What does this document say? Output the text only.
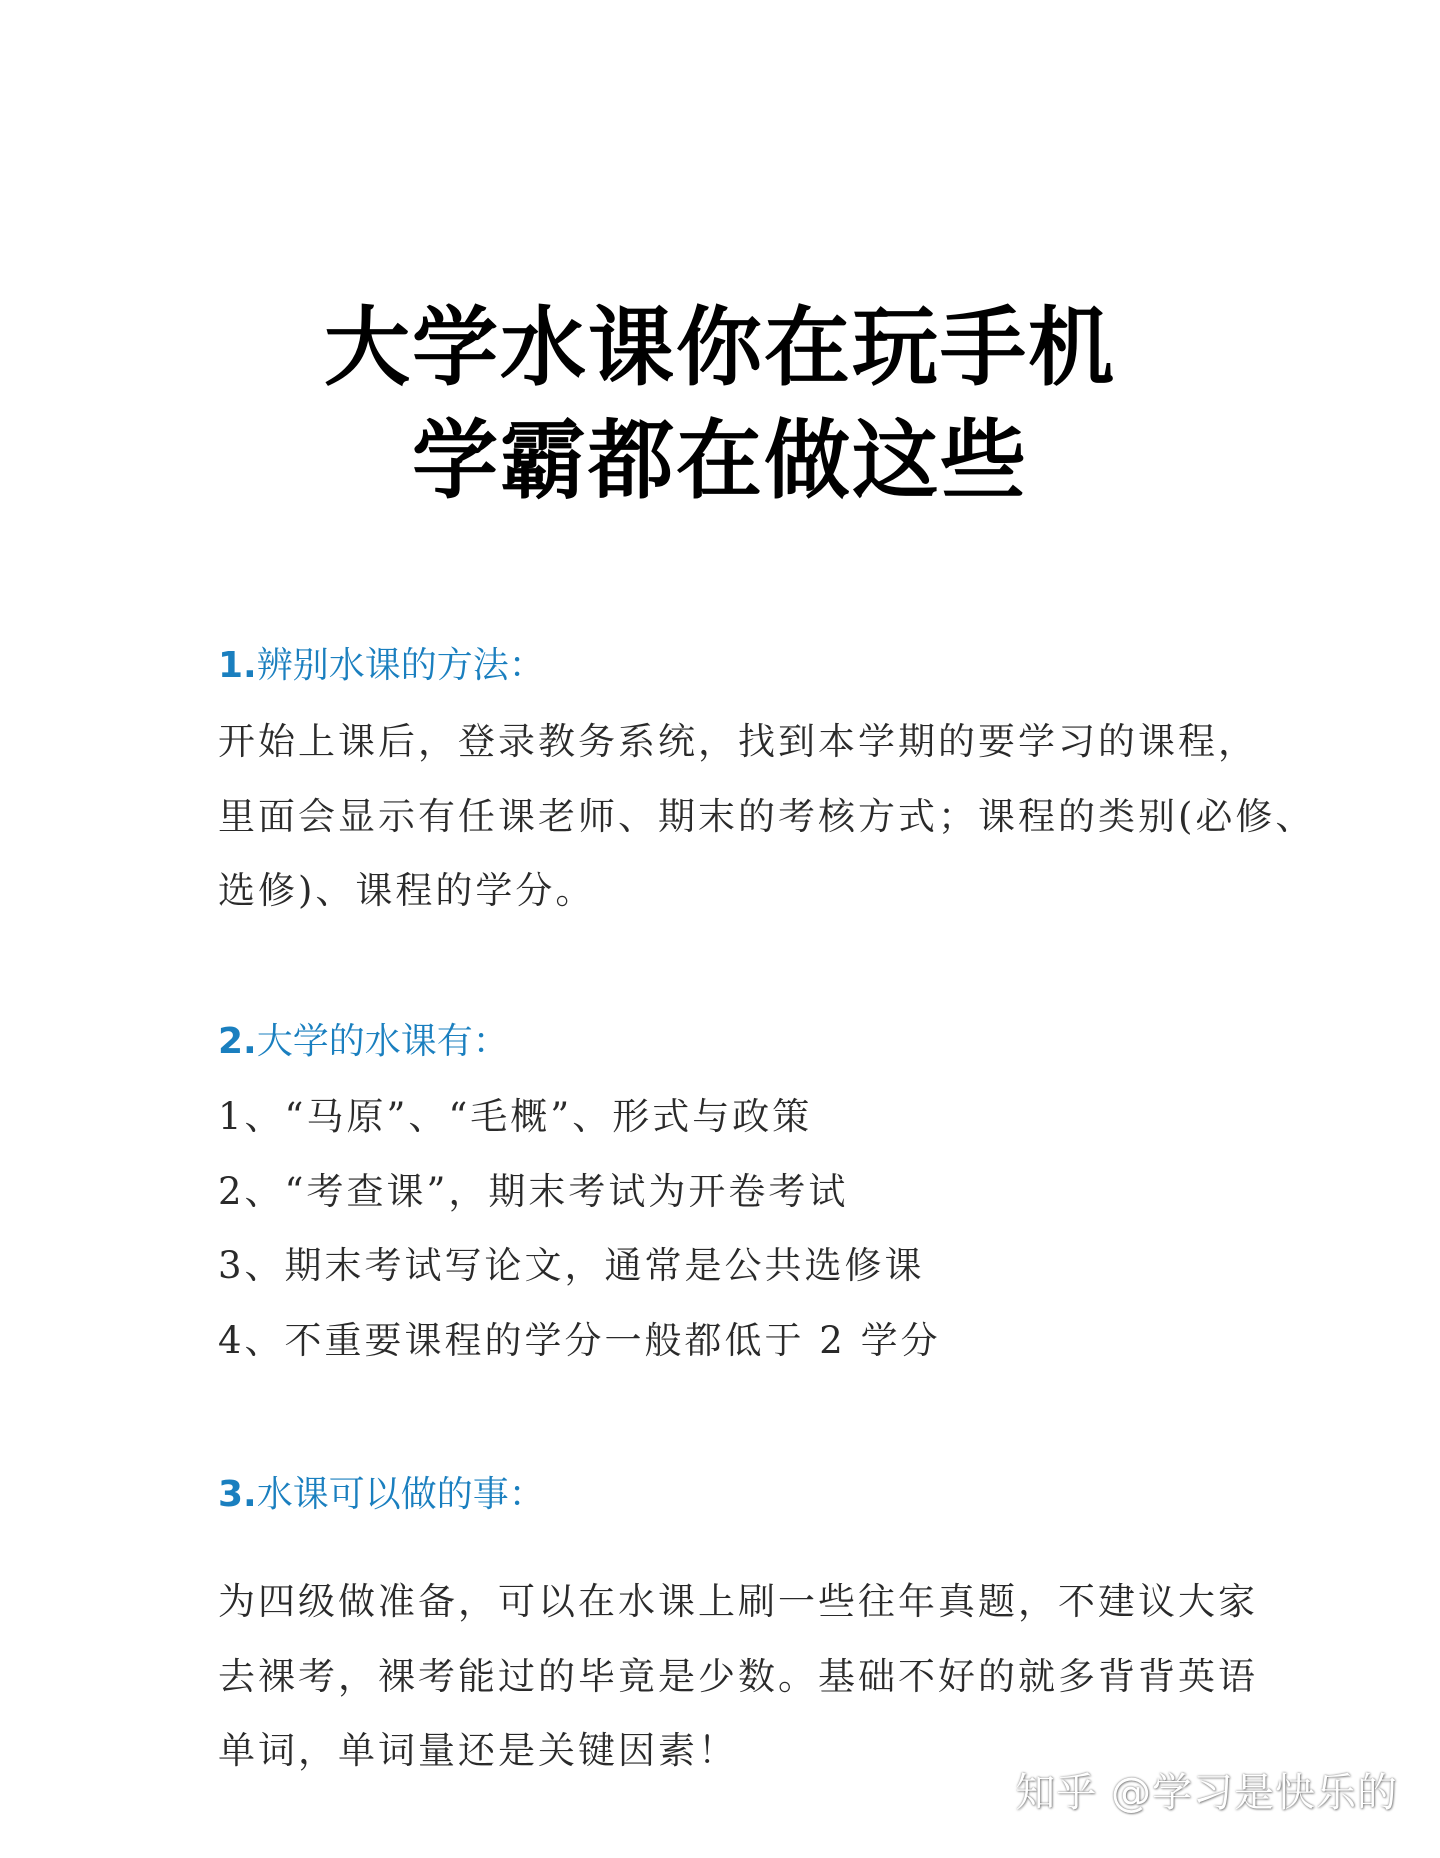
大学水课你在玩手机
学霸都在做这些
1.辨别水课的方法：
开始上课后，登录教务系统，找到本学期的要学习的课程，
里面会显示有任课老师、期末的考核方式；课程的类别(必修、
选修)、课程的学分。
2.大学的水课有：
1、“马原”、“毛概”、形式与政策
2、“考查课”，期末考试为开卷考试
3、期末考试写论文，通常是公共选修课
4、不重要课程的学分一般都低于 2 学分
3.水课可以做的事：
为四级做准备，可以在水课上刷一些往年真题，不建议大家
去裸考，裸考能过的毕竟是少数。基础不好的就多背背英语
单词，单词量还是关键因素！
知乎 @学习是快乐的
